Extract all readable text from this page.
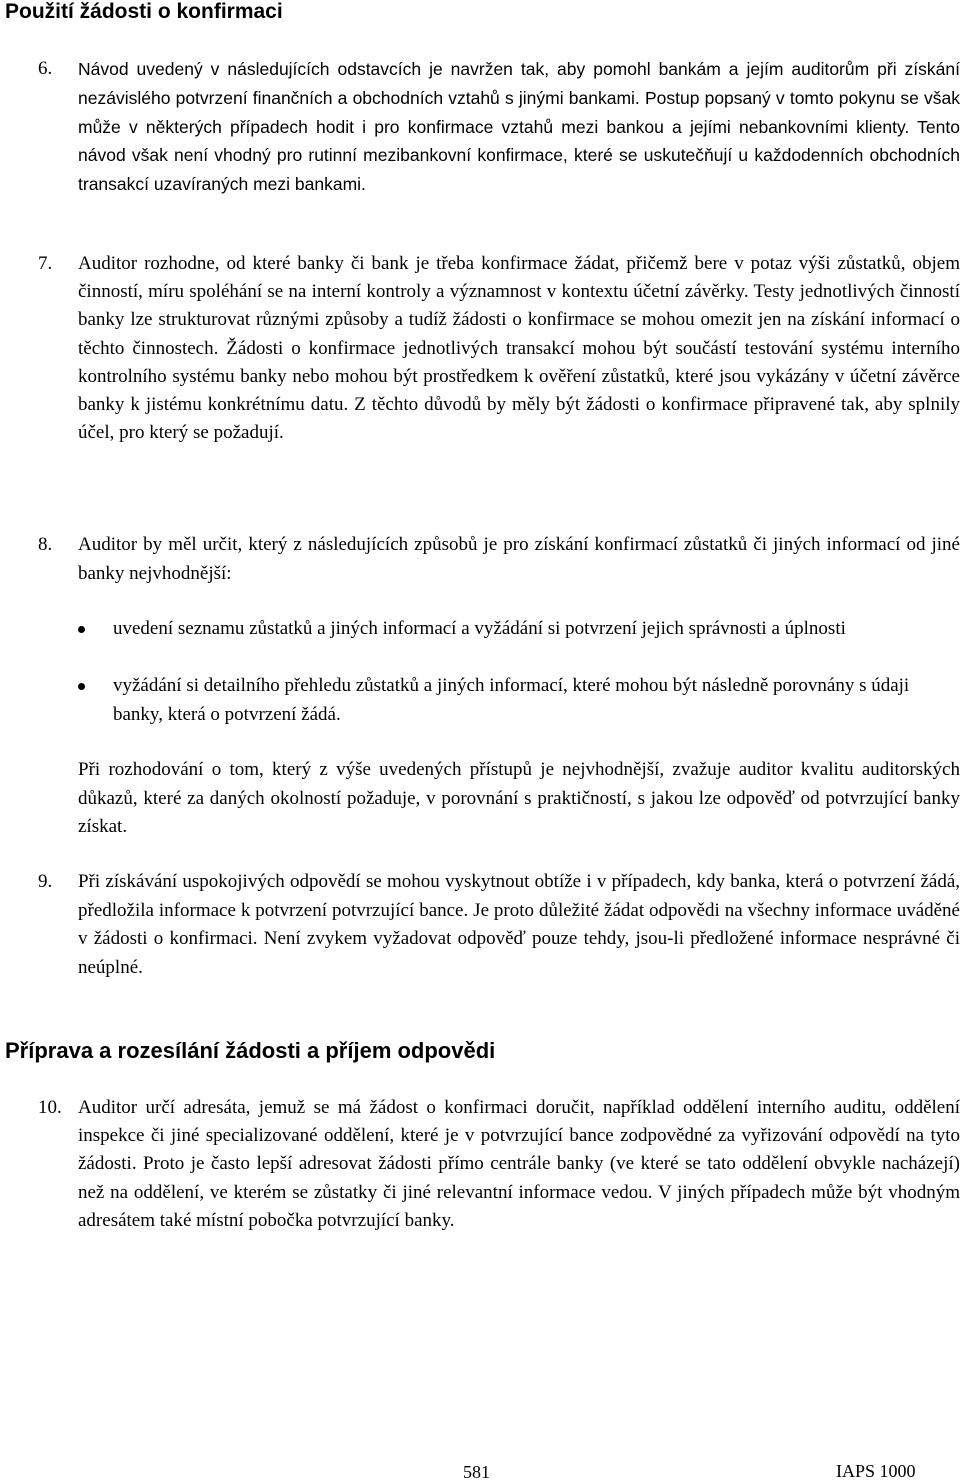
Použití žádosti o konfirmaci
6. Návod uvedený v následujících odstavcích je navržen tak, aby pomohl bankám a jejím auditorům při získání nezávislého potvrzení finančních a obchodních vztahů s jinými bankami. Postup popsaný v tomto pokynu se však může v některých případech hodit i pro konfirmace vztahů mezi bankou a jejími nebankovními klienty. Tento návod však není vhodný pro rutinní mezibankovní konfirmace, které se uskutečňují u každodenních obchodních transakcí uzavíraných mezi bankami.

7. Auditor rozhodne, od které banky či bank je třeba konfirmace žádat, přičemž bere v potaz výši zůstatků, objem činností, míru spoléhání se na interní kontroly a významnost v kontextu účetní závěrky. Testy jednotlivých činností banky lze strukturovat různými způsoby a tudíž žádosti o konfirmace se mohou omezit jen na získání informací o těchto činnostech. Žádosti o konfirmace jednotlivých transakcí mohou být součástí testování systému interního kontrolního systému banky nebo mohou být prostředkem k ověření zůstatků, které jsou vykázány v účetní závěrce banky k jistému konkrétnímu datu. Z těchto důvodů by měly být žádosti o konfirmace připravené tak, aby splnily účel, pro který se požadují.

8. Auditor by měl určit, který z následujících způsobů je pro získání konfirmací zůstatků či jiných informací od jiné banky nejvhodnější:

uvedení seznamu zůstatků a jiných informací a vyžádání si potvrzení jejich správnosti a úplnosti

vyžádání si detailního přehledu zůstatků a jiných informací, které mohou být následně porovnány s údaji banky, která o potvrzení žádá.

Při rozhodování o tom, který z výše uvedených přístupů je nejvhodnější, zvažuje auditor kvalitu auditorských důkazů, které za daných okolností požaduje, v porovnání s praktičností, s jakou lze odpověď od potvrzující banky získat.

9. Při získávání uspokojivých odpovědí se mohou vyskytnout obtíže i v případech, kdy banka, která o potvrzení žádá, předložila informace k potvrzení potvrzující bance. Je proto důležité žádat odpovědi na všechny informace uváděné v žádosti o konfirmaci. Není zvykem vyžadovat odpověď pouze tehdy, jsou-li předložené informace nesprávné či neúplné.

Příprava a rozesílání žádosti a příjem odpovědi
10. Auditor určí adresáta, jemuž se má žádost o konfirmaci doručit, například oddělení interního auditu, oddělení inspekce či jiné specializované oddělení, které je v potvrzující bance zodpovědné za vyřizování odpovědí na tyto žádosti. Proto je často lepší adresovat žádosti přímo centrále banky (ve které se tato oddělení obvykle nacházejí) než na oddělení, ve kterém se zůstatky či jiné relevantní informace vedou. V jiných případech může být vhodným adresátem také místní pobočka potvrzující banky.

581	IAPS 1000
